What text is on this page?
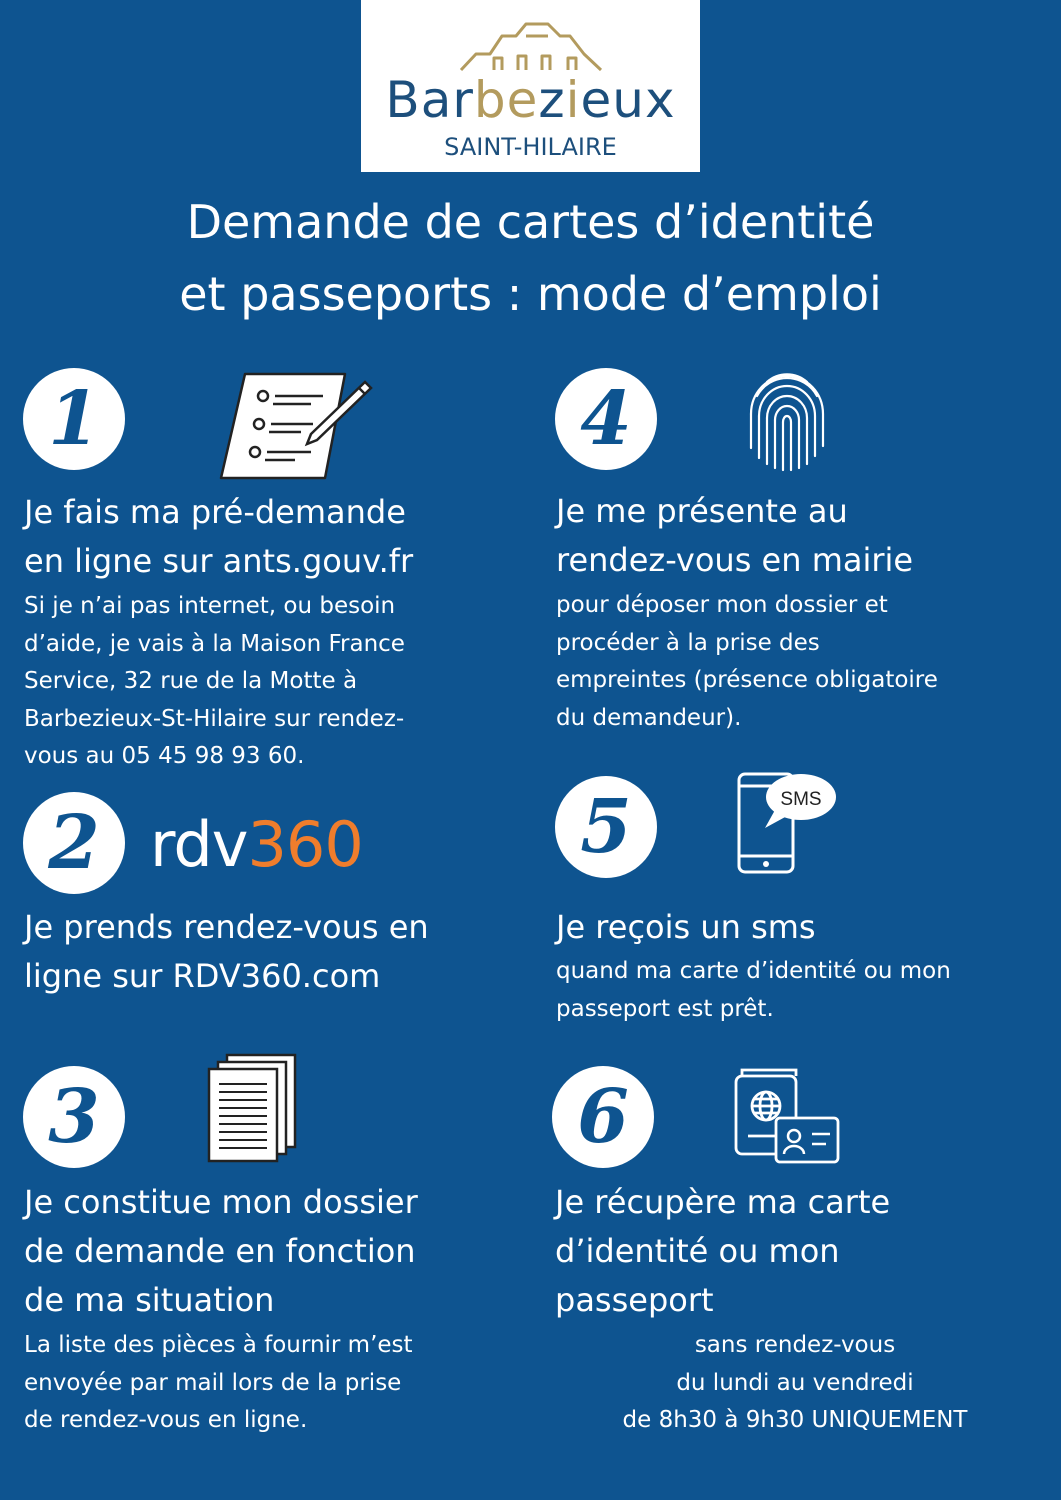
Barbezieux
SAINT-HILAIRE
Demande de cartes d’identité
et passeports : mode d’emploi
1
Je fais ma pré-demande
en ligne sur ants.gouv.fr
Si je n’ai pas internet, ou besoin
d’aide, je vais à la Maison France
Service, 32 rue de la Motte à
Barbezieux-St-Hilaire sur rendez-
vous au 05 45 98 93 60.
2 rdv360
Je prends rendez-vous en
ligne sur RDV360.com
3
Je constitue mon dossier
de demande en fonction
de ma situation
La liste des pièces à fournir m’est
envoyée par mail lors de la prise
de rendez-vous en ligne.
4
Je me présente au
rendez-vous en mairie
pour déposer mon dossier et
procéder à la prise des
empreintes (présence obligatoire
du demandeur).
5	SMS
Je reçois un sms
quand ma carte d’identité ou mon
passeport est prêt.
6
Je récupère ma carte
d’identité ou mon
passeport
sans rendez-vous
du lundi au vendredi
de 8h30 à 9h30 UNIQUEMENT
